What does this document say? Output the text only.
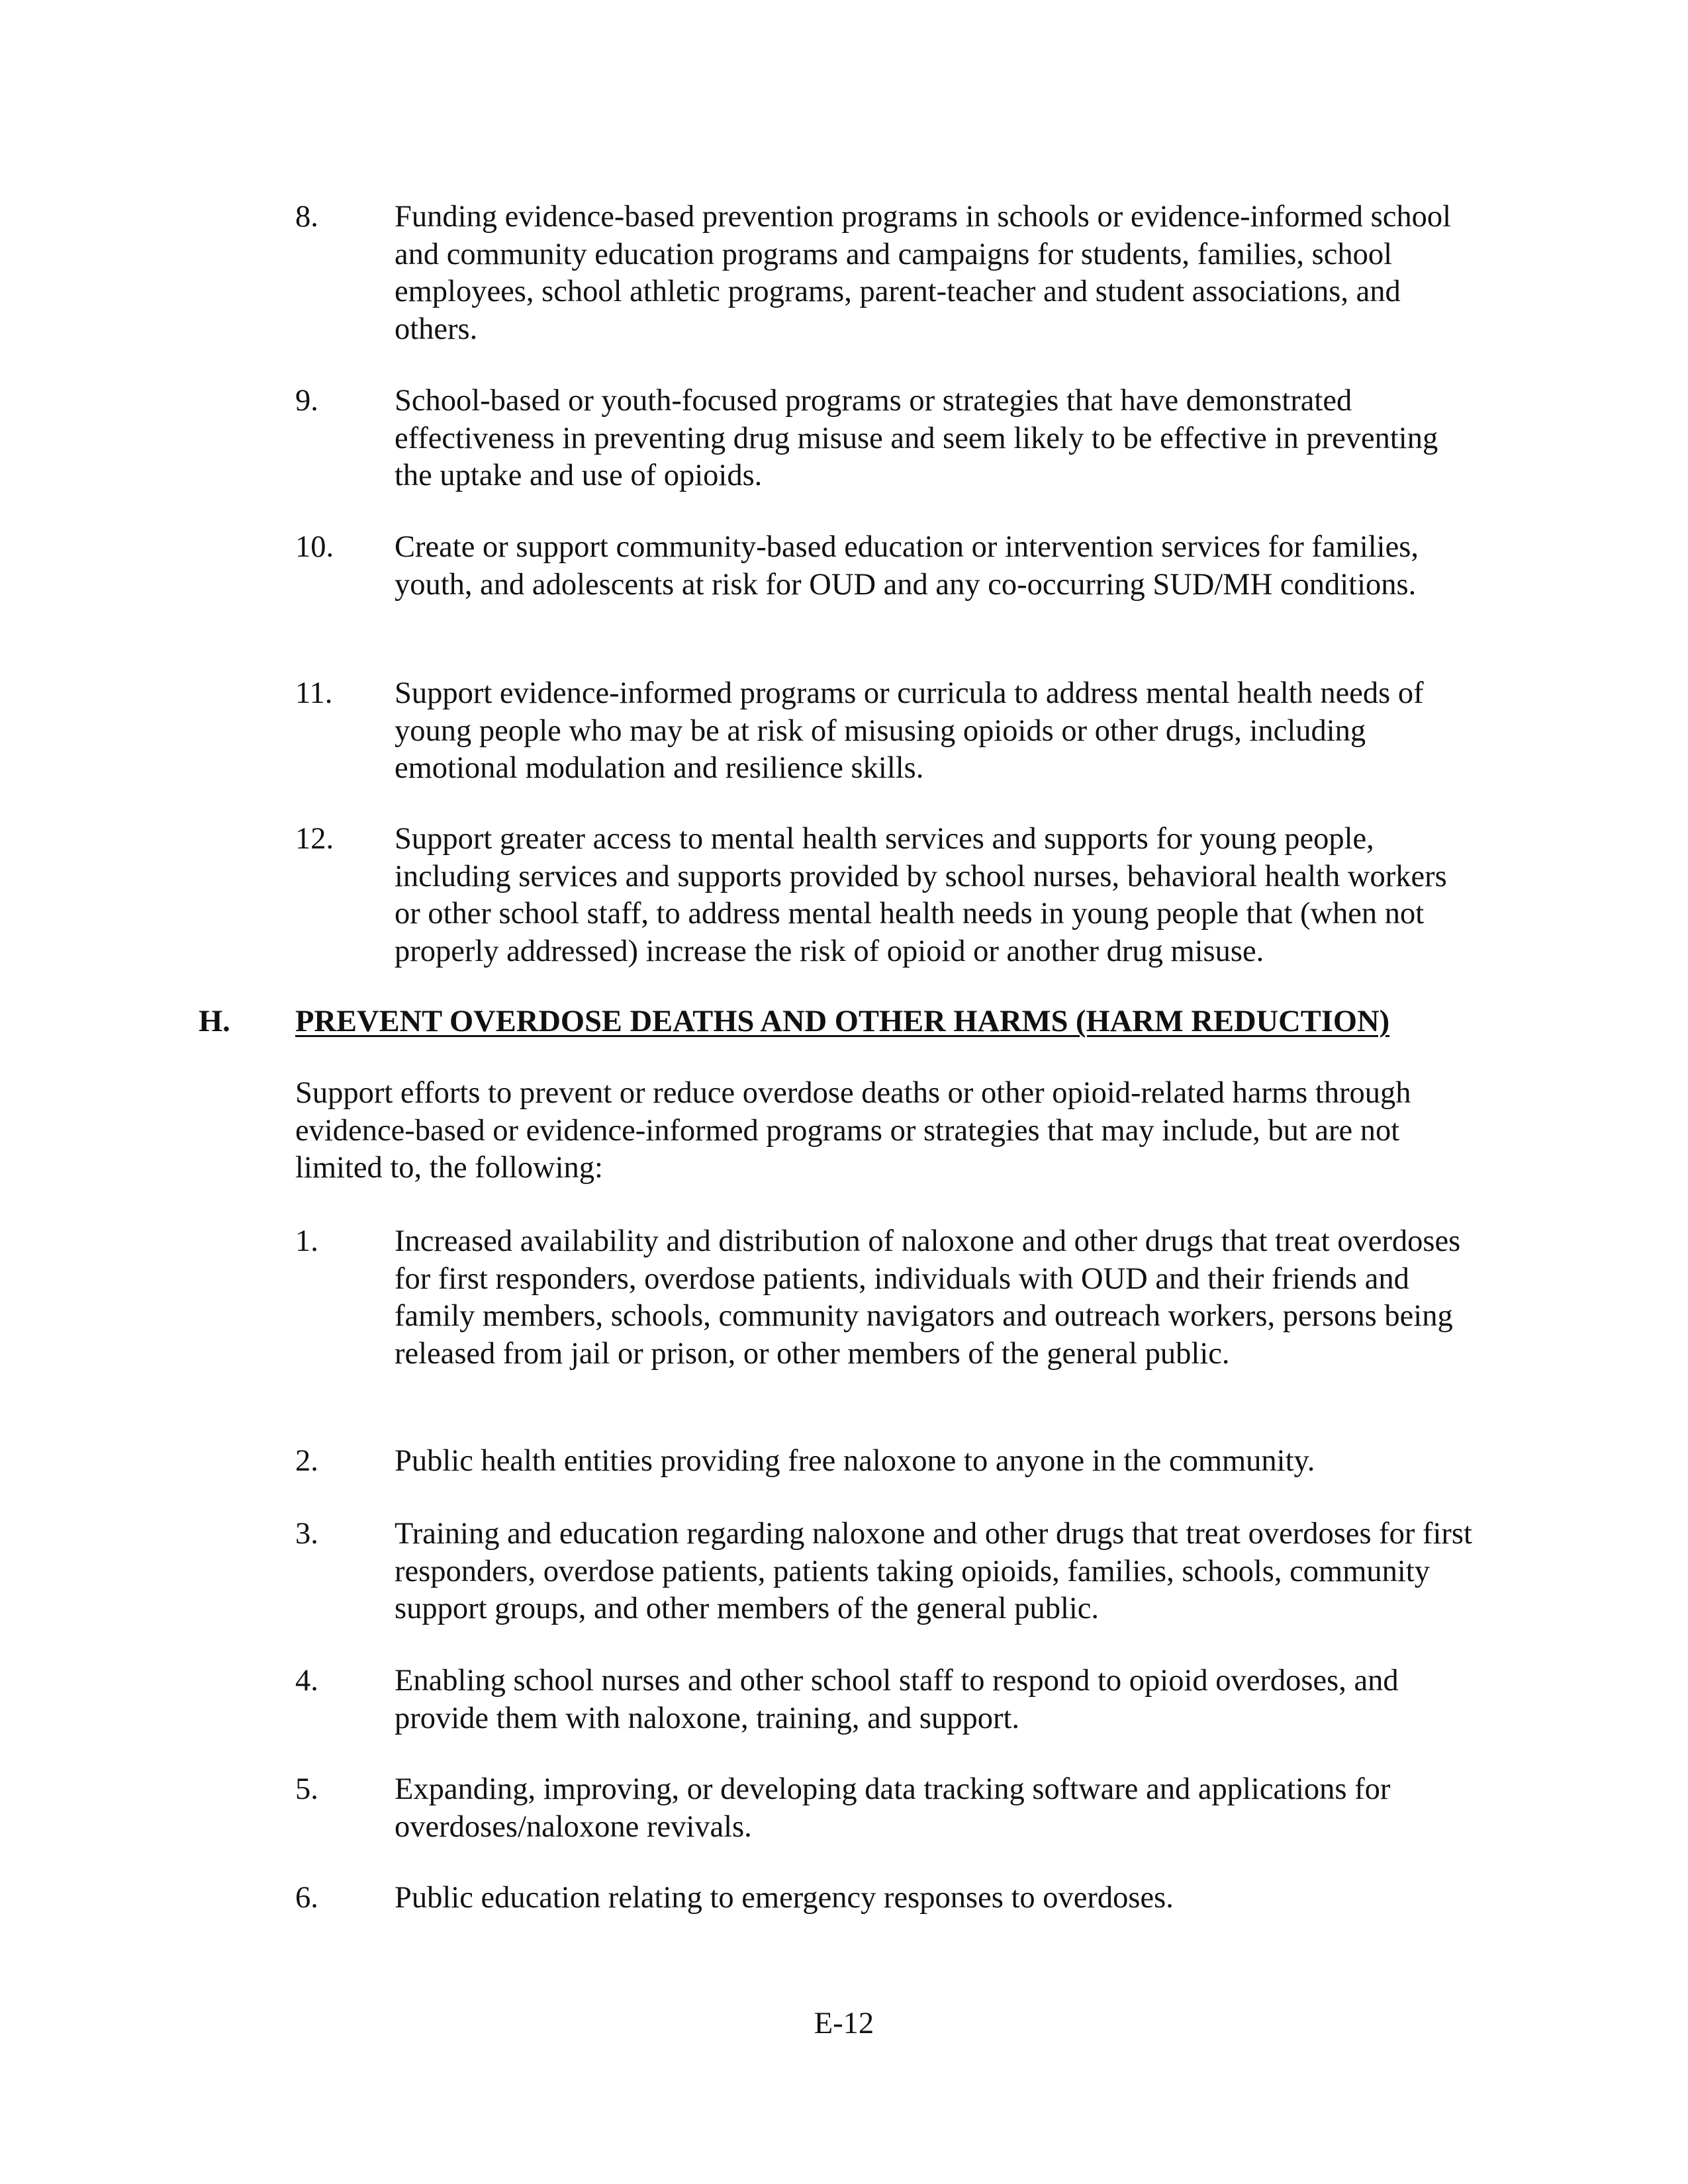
8. Funding evidence-based prevention programs in schools or evidence-informed school and community education programs and campaigns for students, families, school employees, school athletic programs, parent-teacher and student associations, and others.
9. School-based or youth-focused programs or strategies that have demonstrated effectiveness in preventing drug misuse and seem likely to be effective in preventing the uptake and use of opioids.
10. Create or support community-based education or intervention services for families, youth, and adolescents at risk for OUD and any co-occurring SUD/MH conditions.
11. Support evidence-informed programs or curricula to address mental health needs of young people who may be at risk of misusing opioids or other drugs, including emotional modulation and resilience skills.
12. Support greater access to mental health services and supports for young people, including services and supports provided by school nurses, behavioral health workers or other school staff, to address mental health needs in young people that (when not properly addressed) increase the risk of opioid or another drug misuse.
H. PREVENT OVERDOSE DEATHS AND OTHER HARMS (HARM REDUCTION)
Support efforts to prevent or reduce overdose deaths or other opioid-related harms through evidence-based or evidence-informed programs or strategies that may include, but are not limited to, the following:
1. Increased availability and distribution of naloxone and other drugs that treat overdoses for first responders, overdose patients, individuals with OUD and their friends and family members, schools, community navigators and outreach workers, persons being released from jail or prison, or other members of the general public.
2. Public health entities providing free naloxone to anyone in the community.
3. Training and education regarding naloxone and other drugs that treat overdoses for first responders, overdose patients, patients taking opioids, families, schools, community support groups, and other members of the general public.
4. Enabling school nurses and other school staff to respond to opioid overdoses, and provide them with naloxone, training, and support.
5. Expanding, improving, or developing data tracking software and applications for overdoses/naloxone revivals.
6. Public education relating to emergency responses to overdoses.
E-12
